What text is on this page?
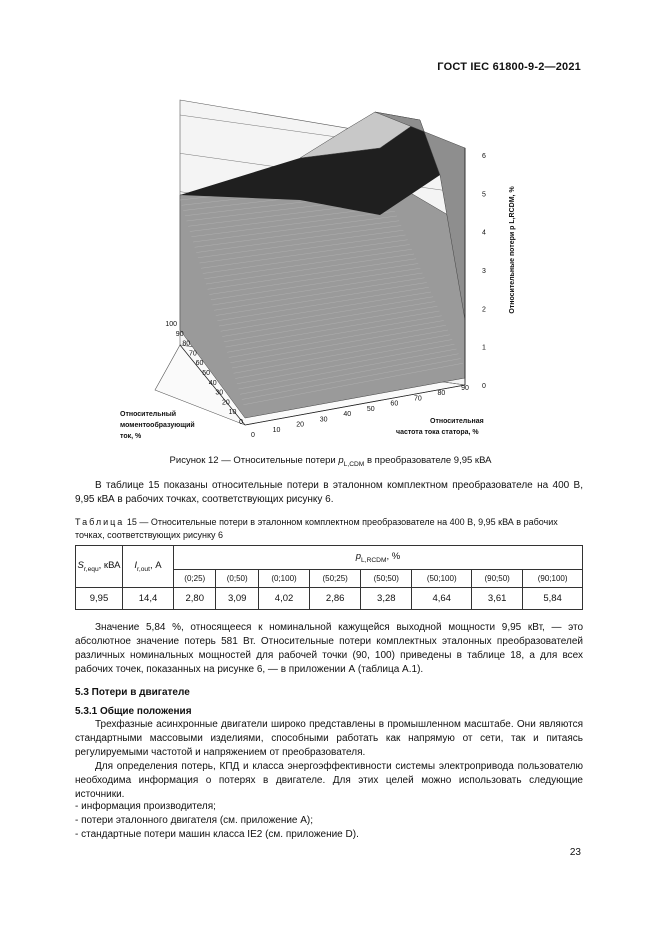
ГОСТ IEC 61800-9-2—2021
0
1
2
3
4
5
6
0
10
20
30
40
50
60
70
80
90
100
0
10
20
30
40
50
60
70
80
90
Относительные потери p L,RCDM, %
Относительный
моментообразующий
ток, %
Относительная
частота тока статора, %
Рисунок 12 — Относительные потери $p_{L,CDM}$ в преобразователе 9,95 кВА
В таблице 15 показаны относительные потери в эталонном комплектном преобразователе на 400 В, 9,95 кВА в рабочих точках, соответствующих рисунку 6.
Таблица 15 — Относительные потери в эталонном комплектном преобразователе на 400 В, 9,95 кВА в рабочих точках, соответствующих рисунку 6
$S_{r,equ}$, кВА	$I_{r,out}$, А	$p_{L,RCDM}$, %							
		(0;25)	(0;50)	(0;100)	(50;25)	(50;50)	(50;100)	(90;50)	(90;100)
9,95	14,4	2,80	3,09	4,02	2,86	3,28	4,64	3,61	5,84
Значение 5,84 %, относящееся к номинальной кажущейся выходной мощности 9,95 кВт, — это абсолютное значение потерь 581 Вт. Относительные потери комплектных эталонных преобразователей различных номинальных мощностей для рабочей точки (90, 100) приведены в таблице 18, а для всех рабочих точек, показанных на рисунке 6, — в приложении А (таблица А.1).
5.3 Потери в двигателе
5.3.1 Общие положения
Трехфазные асинхронные двигатели широко представлены в промышленном масштабе. Они являются стандартными массовыми изделиями, способными работать как напрямую от сети, так и питаясь регулируемыми частотой и напряжением от преобразователя.
Для определения потерь, КПД и класса энергоэффективности системы электропривода пользователю необходима информация о потерях в двигателе. Для этих целей можно использовать следующие источники.
- информация производителя;
- потери эталонного двигателя (см. приложение А);
- стандартные потери машин класса IE2 (см. приложение D).
23
